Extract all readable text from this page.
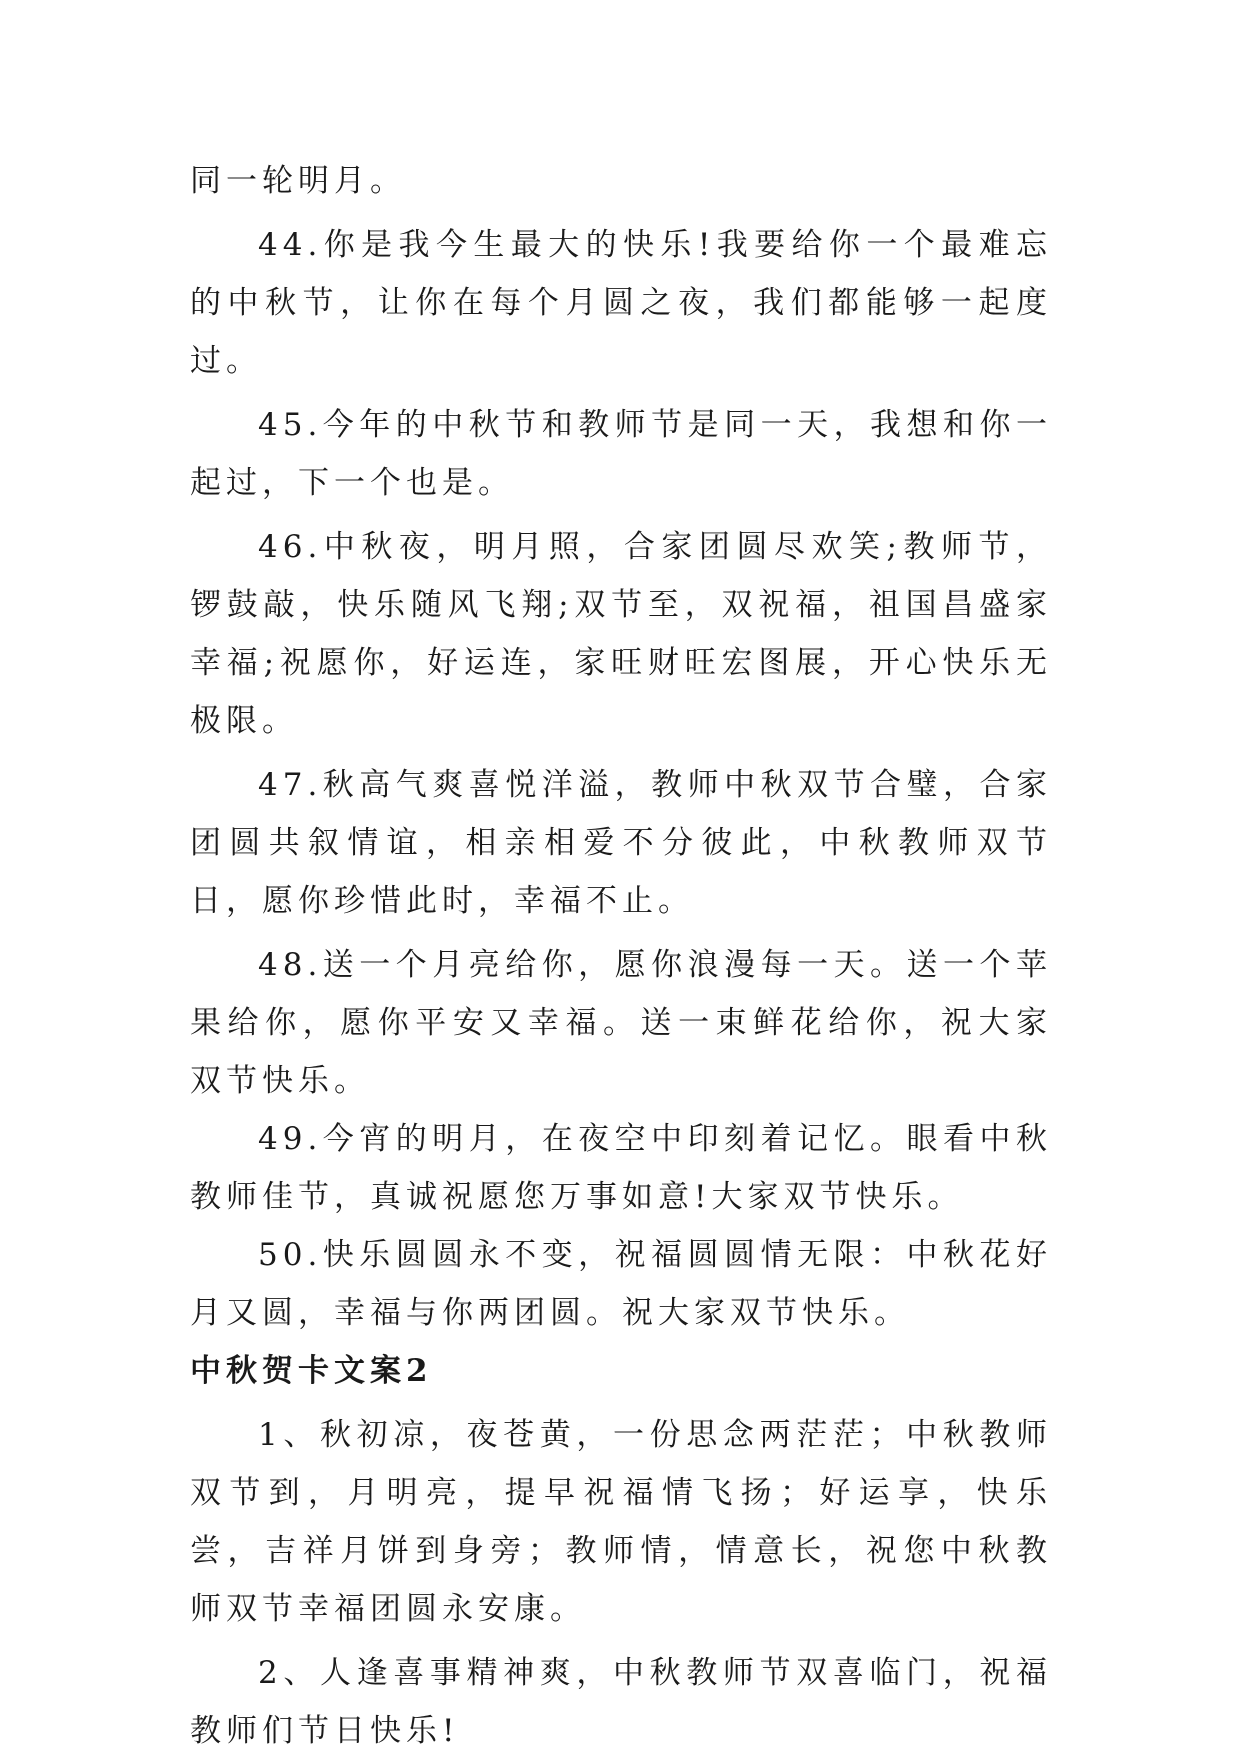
同一轮明月。

44.你是我今生最大的快乐!我要给你一个最难忘的中秋节，让你在每个月圆之夜，我们都能够一起度过。

45.今年的中秋节和教师节是同一天，我想和你一起过，下一个也是。

46.中秋夜，明月照，合家团圆尽欢笑;教师节，锣鼓敲，快乐随风飞翔;双节至，双祝福，祖国昌盛家幸福;祝愿你，好运连，家旺财旺宏图展，开心快乐无极限。

47.秋高气爽喜悦洋溢，教师中秋双节合璧，合家团圆共叙情谊，相亲相爱不分彼此，中秋教师双节日，愿你珍惜此时，幸福不止。

48.送一个月亮给你，愿你浪漫每一天。送一个苹果给你，愿你平安又幸福。送一束鲜花给你，祝大家双节快乐。

49.今宵的明月，在夜空中印刻着记忆。眼看中秋教师佳节，真诚祝愿您万事如意!大家双节快乐。

50.快乐圆圆永不变，祝福圆圆情无限：中秋花好月又圆，幸福与你两团圆。祝大家双节快乐。

中秋贺卡文案2

1、秋初凉，夜苍黄，一份思念两茫茫；中秋教师双节到，月明亮，提早祝福情飞扬；好运享，快乐尝，吉祥月饼到身旁；教师情，情意长，祝您中秋教师双节幸福团圆永安康。

2、人逢喜事精神爽，中秋教师节双喜临门，祝福教师们节日快乐!
